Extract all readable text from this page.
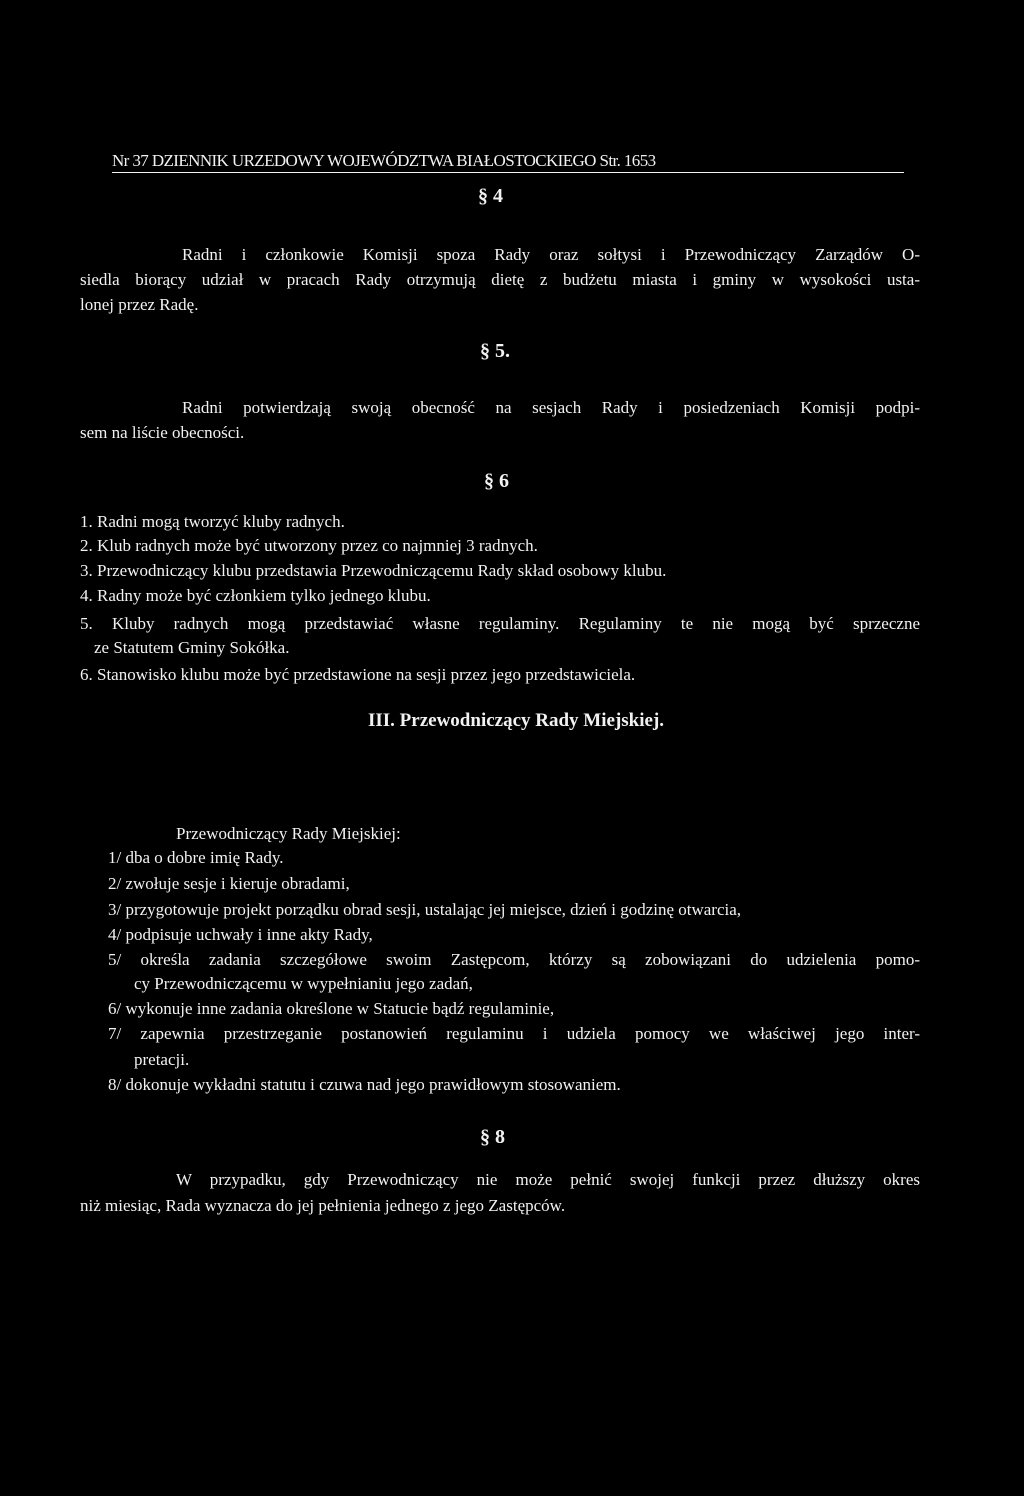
Nr 37 DZIENNIK URZEDOWY WOJEWÓDZTWA BIAŁOSTOCKIEGO Str. 1653
§ 4
Radni i członkowie Komisji spoza Rady oraz sołtysi i Przewodniczący Zarządów O-
siedla biorący udział w pracach Rady otrzymują dietę z budżetu miasta i gminy w wysokości usta-
lonej przez Radę.
§ 5.
Radni potwierdzają swoją obecność na sesjach Rady i posiedzeniach Komisji podpi-
sem na liście obecności.
§ 6
1. Radni mogą tworzyć kluby radnych.
2. Klub radnych może być utworzony przez co najmniej 3 radnych.
3. Przewodniczący klubu przedstawia Przewodniczącemu Rady skład osobowy klubu.
4. Radny może być członkiem tylko jednego klubu.
5. Kluby radnych mogą przedstawiać własne regulaminy. Regulaminy te nie mogą być sprzeczne
ze Statutem Gminy Sokółka.
6. Stanowisko klubu może być przedstawione na sesji przez jego przedstawiciela.
III. Przewodniczący Rady Miejskiej.
Przewodniczący Rady Miejskiej:
1/ dba o dobre imię Rady.
2/ zwołuje sesje i kieruje obradami,
3/ przygotowuje projekt porządku obrad sesji, ustalając jej miejsce, dzień i godzinę otwarcia,
4/ podpisuje uchwały i inne akty Rady,
5/ określa zadania szczegółowe swoim Zastępcom, którzy są zobowiązani do udzielenia pomo-
cy Przewodniczącemu w wypełnianiu jego zadań,
6/ wykonuje inne zadania określone w Statucie bądź regulaminie,
7/ zapewnia przestrzeganie postanowień regulaminu i udziela pomocy we właściwej jego inter-
pretacji.
8/ dokonuje wykładni statutu i czuwa nad jego prawidłowym stosowaniem.
§ 8
W przypadku, gdy Przewodniczący nie może pełnić swojej funkcji przez dłuższy okres
niż miesiąc, Rada wyznacza do jej pełnienia jednego z jego Zastępców.
